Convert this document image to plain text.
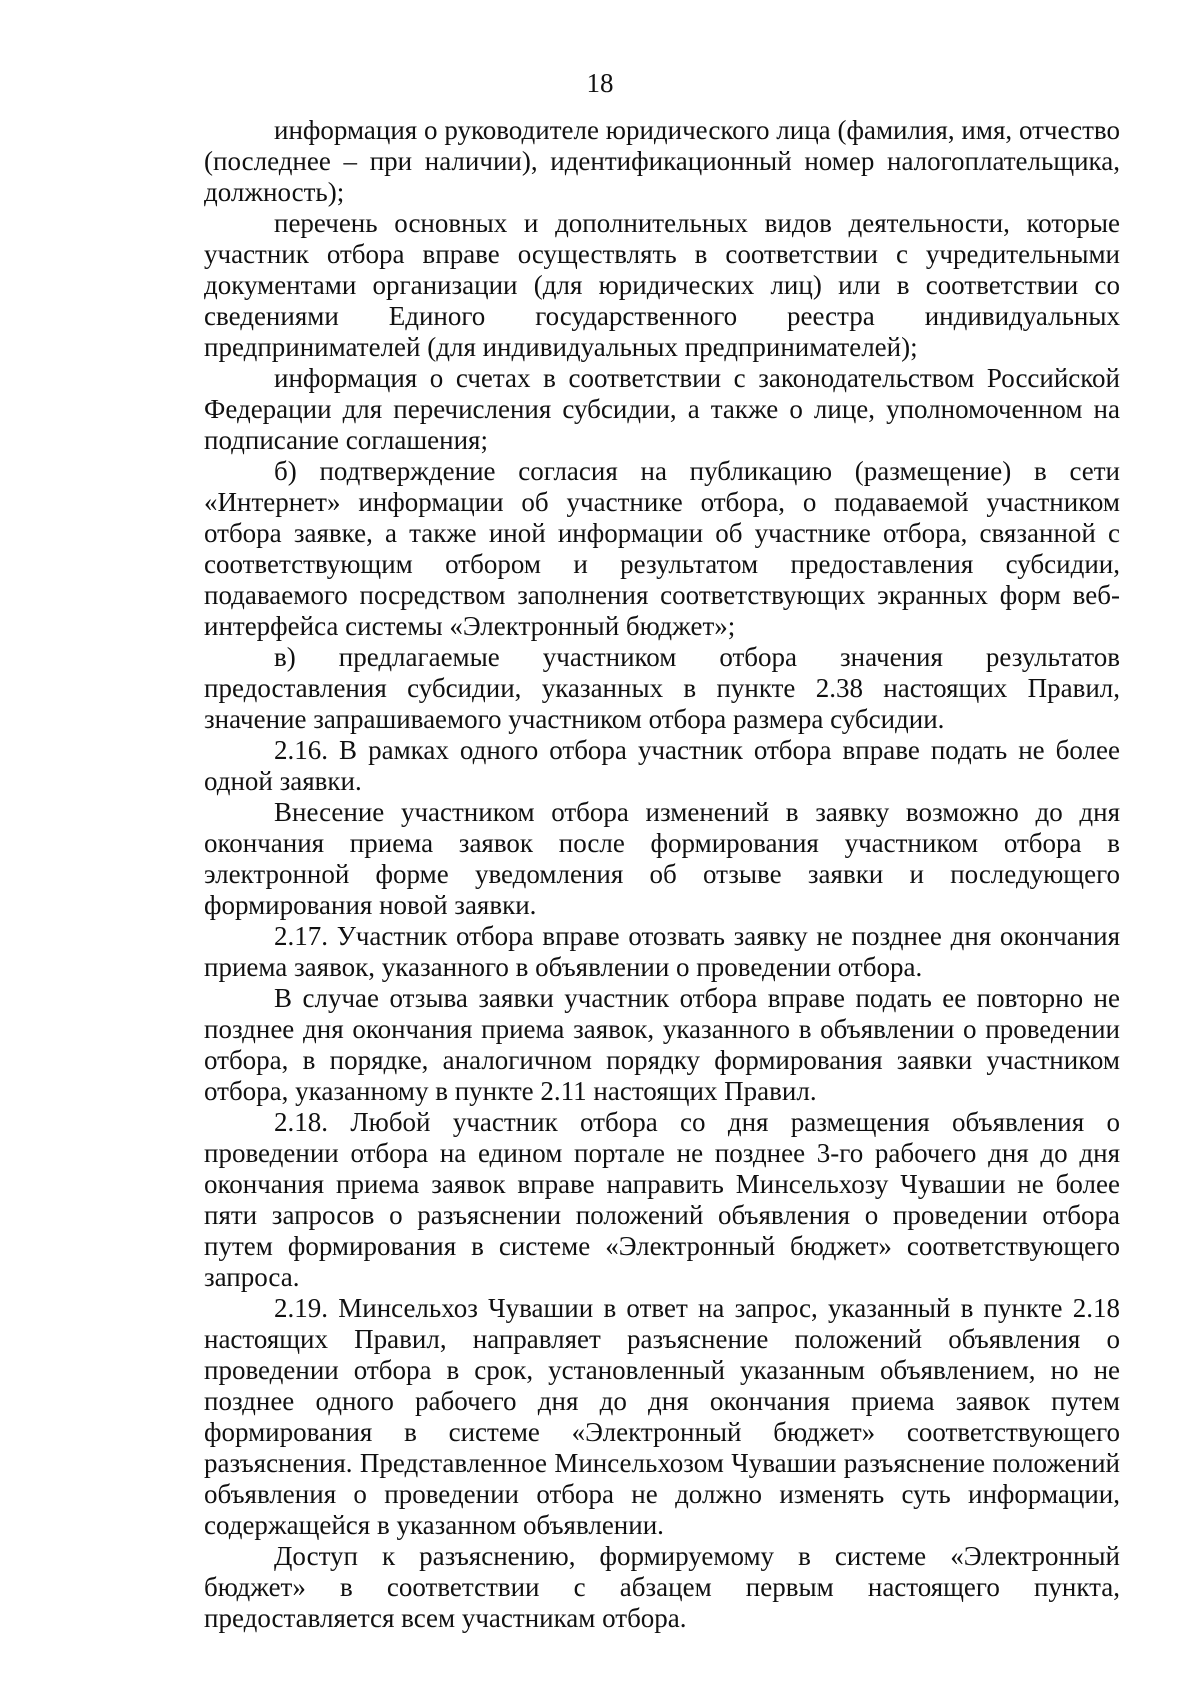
18

информация о руководителе юридического лица (фамилия, имя, отчество (последнее – при наличии), идентификационный номер налогоплательщика, должность);

перечень основных и дополнительных видов деятельности, которые участник отбора вправе осуществлять в соответствии с учредительными документами организации (для юридических лиц) или в соответствии со сведениями Единого государственного реестра индивидуальных предпринимателей (для индивидуальных предпринимателей);

информация о счетах в соответствии с законодательством Российской Федерации для перечисления субсидии, а также о лице, уполномоченном на подписание соглашения;

б) подтверждение согласия на публикацию (размещение) в сети «Интернет» информации об участнике отбора, о подаваемой участником отбора заявке, а также иной информации об участнике отбора, связанной с соответствующим отбором и результатом предоставления субсидии, подаваемого посредством заполнения соответствующих экранных форм веб-интерфейса системы «Электронный бюджет»;

в) предлагаемые участником отбора значения результатов предоставления субсидии, указанных в пункте 2.38 настоящих Правил, значение запрашиваемого участником отбора размера субсидии.

2.16. В рамках одного отбора участник отбора вправе подать не более одной заявки.

Внесение участником отбора изменений в заявку возможно до дня окончания приема заявок после формирования участником отбора в электронной форме уведомления об отзыве заявки и последующего формирования новой заявки.

2.17. Участник отбора вправе отозвать заявку не позднее дня окончания приема заявок, указанного в объявлении о проведении отбора.

В случае отзыва заявки участник отбора вправе подать ее повторно не позднее дня окончания приема заявок, указанного в объявлении о проведении отбора, в порядке, аналогичном порядку формирования заявки участником отбора, указанному в пункте 2.11 настоящих Правил.

2.18. Любой участник отбора со дня размещения объявления о проведении отбора на едином портале не позднее 3-го рабочего дня до дня окончания приема заявок вправе направить Минсельхозу Чувашии не более пяти запросов о разъяснении положений объявления о проведении отбора путем формирования в системе «Электронный бюджет» соответствующего запроса.

2.19. Минсельхоз Чувашии в ответ на запрос, указанный в пункте 2.18 настоящих Правил, направляет разъяснение положений объявления о проведении отбора в срок, установленный указанным объявлением, но не позднее одного рабочего дня до дня окончания приема заявок путем формирования в системе «Электронный бюджет» соответствующего разъяснения. Представленное Минсельхозом Чувашии разъяснение положений объявления о проведении отбора не должно изменять суть информации, содержащейся в указанном объявлении.

Доступ к разъяснению, формируемому в системе «Электронный бюджет» в соответствии с абзацем первым настоящего пункта, предоставляется всем участникам отбора.
